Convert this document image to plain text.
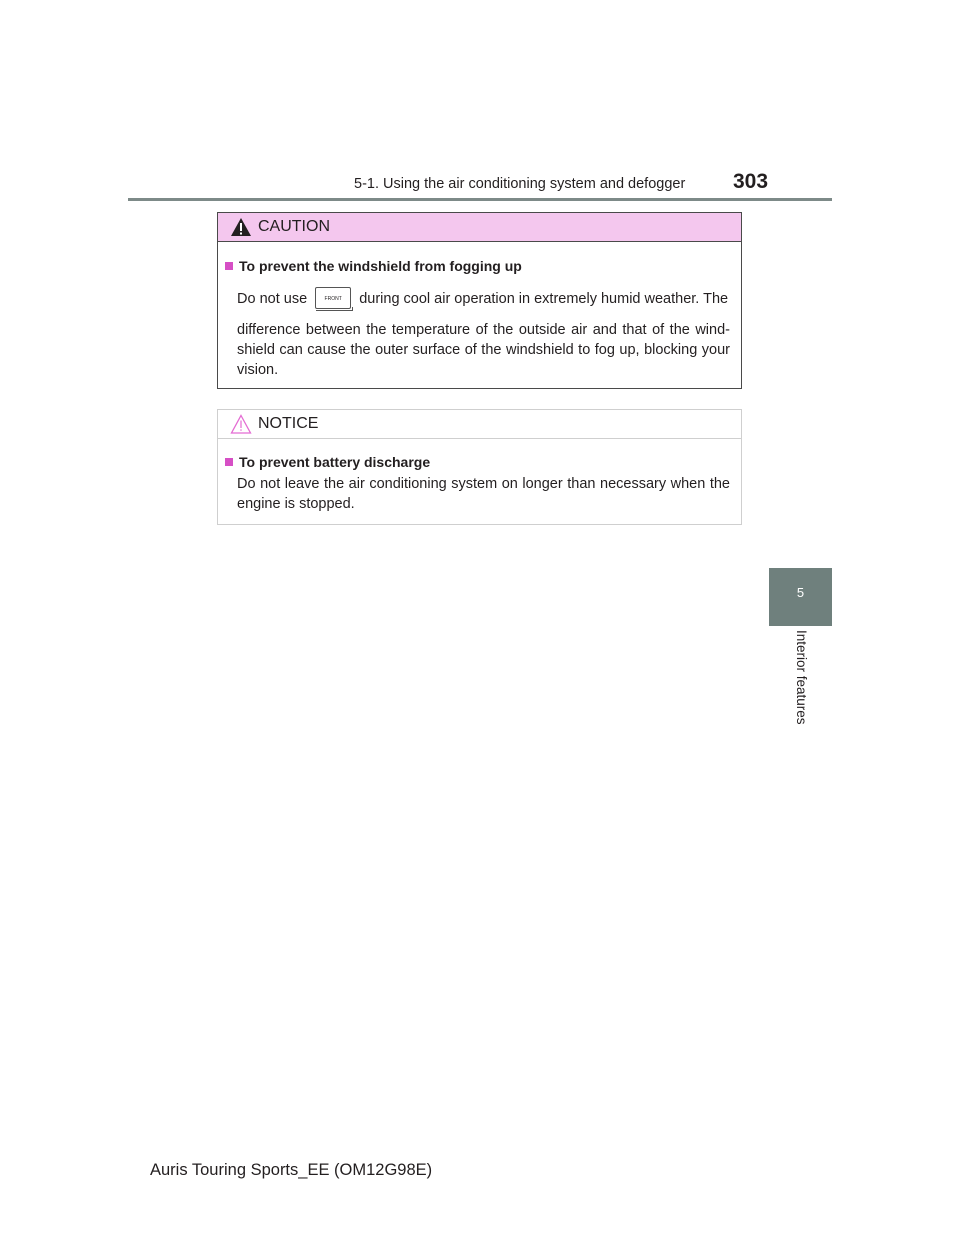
5-1. Using the air conditioning system and defogger 303
5
Interior features
CAUTION
To prevent the windshield from fogging up
Do not use	FRONT during cool air operation in extremely humid weather. The
difference between the temperature of the outside air and that of the wind-shield can cause the outer surface of the windshield to fog up, blocking your vision.
NOTICE
To prevent battery discharge
Do not leave the air conditioning system on longer than necessary when the engine is stopped.
Auris Touring Sports_EE (OM12G98E)
